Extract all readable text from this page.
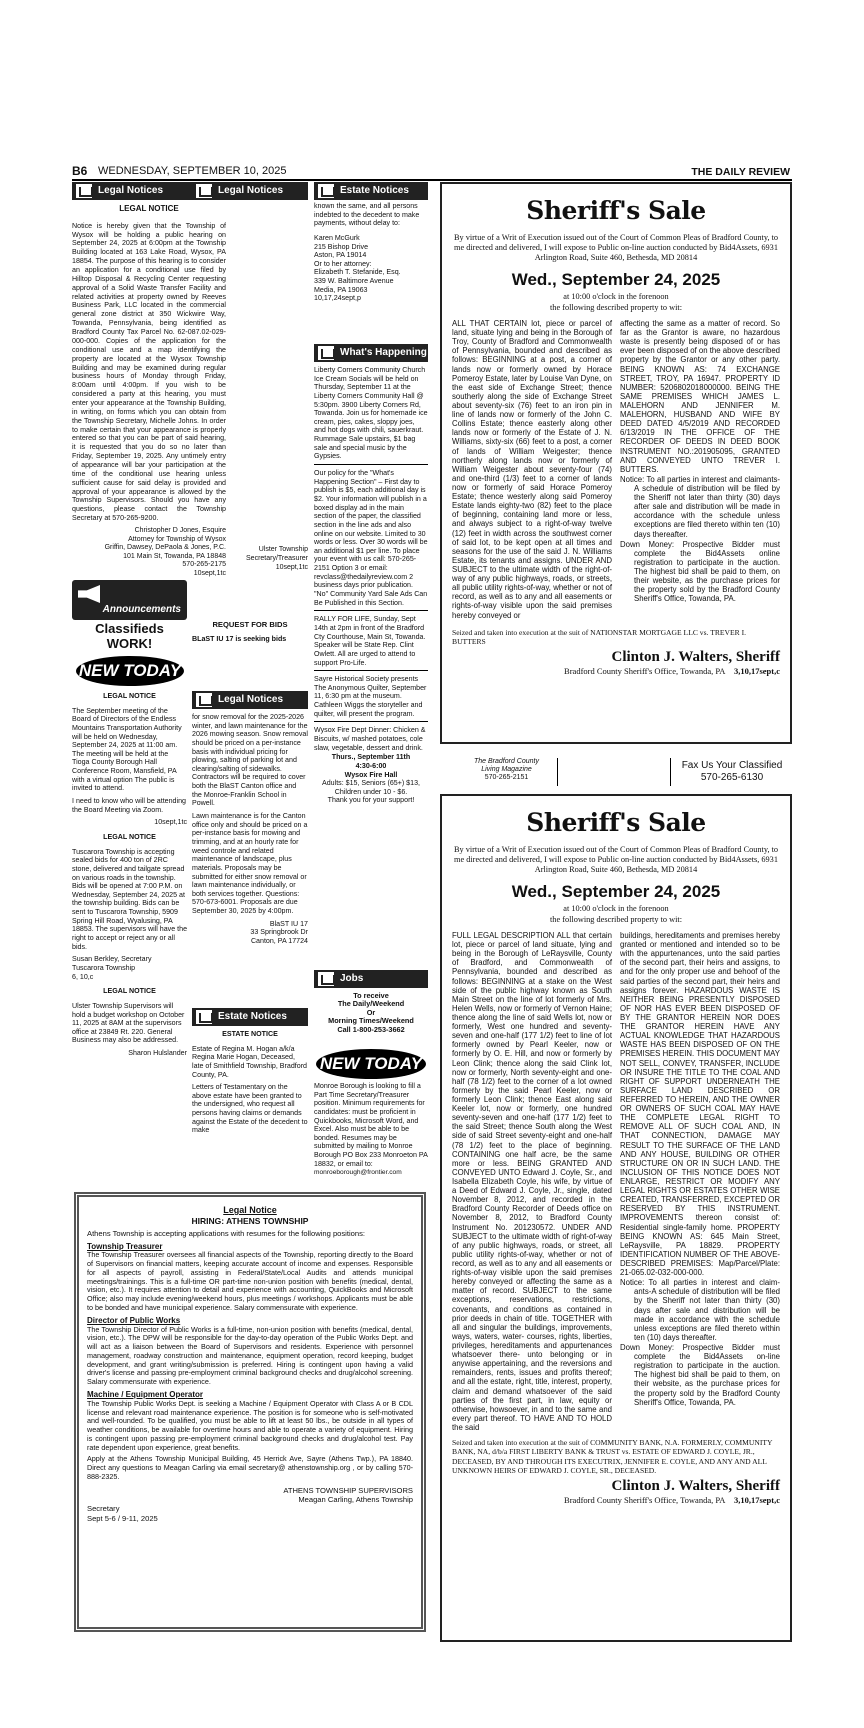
B6 WEDNESDAY, SEPTEMBER 10, 2025	THE DAILY REVIEW
Legal Notices
LEGAL NOTICE

Notice is hereby given that the Township of Wysox will be holding a public hearing on September 24, 2025 at 6:00pm at the Township Building located at 163 Lake Road, Wysox, PA 18854. The purpose of this hearing is to consider an application for a conditional use filed by Hilltop Disposal & Recycling Center requesting approval of a Solid Waste Transfer Facility and related activities at property owned by Reeves Business Park, LLC located in the commercial general zone district at 350 Wickwire Way, Towanda, Pennsylvania, being identified as Bradford County Tax Parcel No. 62-087.02-029-000-000. Copies of the application for the conditional use and a map identifying the property are located at the Wysox Township Building and may be examined during regular business hours of Monday through Friday, 8:00am until 4:00pm. If you wish to be considered a party at this hearing, you must enter your appearance at the Township Building, in writing, on forms which you can obtain from the Township Secretary, Michelle Johns. In order to make certain that your appearance is properly entered so that you can be part of said hearing, it is requested that you do so no later than Friday, September 19, 2025. Any untimely entry of appearance will bar your participation at the time of the conditional use hearing unless sufficient cause for said delay is provided and approval of your appearance is allowed by the Township Supervisors. Should you have any questions, please contact the Township Secretary at 570-265-9200.

Christopher D Jones, Esquire
Attorney for Township of Wysox
Griffin, Dawsey, DePaola & Jones, P.C.
101 Main St, Towanda, PA 18848
570-265-2175
10sept,1tc
Ulster Township
Secretary/Treasurer
10sept,1tc
Announcements
Classifieds
WORK!
NEW TODAY
LEGAL NOTICE

The September meeting of the Board of Directors of the Endless Mountains Transportation Authority will be held on Wednesday, September 24, 2025 at 11:00 am. The meeting will be held at the Tioga County Borough Hall Conference Room, Mansfield, PA with a virtual option The public is invited to attend.

I need to know who will be attending the Board Meeting via Zoom.

10sept,1tc
LEGAL NOTICE

Tuscarora Township is accepting sealed bids for 400 ton of 2RC stone, delivered and tailgate spread on various roads in the township. Bids will be opened at 7:00 P.M. on Wednesday, September 24, 2025 at the township building. Bids can be sent to Tuscarora Township, 5909 Spring Hill Road, Wyalusing, PA 18853. The supervisors will have the right to accept or reject any or all bids.

Susan Berkley, Secretary
Tuscarora Township
6, 10,c
LEGAL NOTICE

Ulster Township Supervisors will hold a budget workshop on October 11, 2025 at 8AM at the supervisors office at 23849 Rt. 220. General Business may also be addressed.

Sharon Hulslander
Legal Notices
REQUEST FOR BIDS

BLaST IU 17 is seeking bids

Legal Notices

for snow removal for the 2025-2026 winter, and lawn maintenance for the 2026 mowing season. Snow removal should be priced on a per-instance basis with individual pricing for plowing, salting of parking lot and clearing/salting of sidewalks. Contractors will be required to cover both the BlaST Canton office and the Monroe-Franklin School in Powell.

Lawn maintenance is for the Canton office only and should be priced on a per-instance basis for mowing and trimming, and at an hourly rate for weed controle and related maintenance of landscape, plus materials. Proposals may be submitted for either snow removal or lawn maintenance individually, or both services together. Questions: 570-673-6001. Proposals are due September 30, 2025 by 4:00pm.

BlaST IU 17
33 Springbrook Dr
Canton, PA 17724
Estate Notices
ESTATE NOTICE

Estate of Regina M. Hogan a/k/a Regina Marie Hogan, Deceased, late of Smithfield Township, Bradford County, PA.

Letters of Testamentary on the above estate have been granted to the undersigned, who request all persons having claims or demands against the Estate of the decedent to make

Estate Notices

known the same, and all persons indebted to the decedent to make payments, without delay to:

Karen McGurk
215 Bishop Drive
Aston, PA 19014
Or to her attorney:
Elizabeth T. Stefanide, Esq.
339 W. Baltimore Avenue
Media, PA 19063
10,17,24sept,p
What's Happening

Liberty Corners Community Church Ice Cream Socials will be held on Thursday, September 11 at the Liberty Corners Community Hall @ 5:30pm. 3900 Liberty Corners Rd, Towanda. Join us for homemade ice cream, pies, cakes, sloppy joes, and hot dogs with chili, sauerkraut. Rummage Sale upstairs, $1 bag sale and special music by the Gypsies.

Our policy for the "What's Happening Section" – First day to publish is $5, each additional day is $2. Your information will publish in a boxed display ad in the main section of the paper, the classified section in the line ads and also online on our website. Limited to 30 words or less. Over 30 words will be an additional $1 per line. To place your event with us call: 570-265-2151 Option 3 or email: revclass@thedailyreview.com 2 business days prior publication. "No" Community Yard Sale Ads Can Be Published in this Section.

RALLY FOR LIFE, Sunday, Sept 14th at 2pm in front of the Bradford Cty Courthouse, Main St, Towanda. Speaker will be State Rep. Clint Owlett. All are urged to attend to support Pro-Life.

Sayre Historical Society presents The Anonymous Quilter, September 11, 6:30 pm at the museum. Cathleen Wiggs the storyteller and quilter, will present the program.

Wysox Fire Dept Dinner: Chicken & Biscuits, w/ mashed potatoes, cole slaw, vegetable, dessert and drink.

Thurs., September 11th
4:30-6:00
Wysox Fire Hall
Adults: $15, Seniors (65+) $13, Children under 10 - $6.
Thank you for your support!
Jobs
To receive
The Daily/Weekend
Or
Morning Times/Weekend
Call 1-800-253-3662
NEW TODAY

Monroe Borough is looking to fill a Part Time Secretary/Treasurer position. Minimum requirements for candidates: must be proficient in Quickbooks, Microsoft Word, and Excel. Also must be able to be bonded. Resumes may be submitted by mailing to Monroe Borough PO Box 233 Monroeton PA 18832, or email to:

monroeborough@frontier.com
Legal Notice
HIRING: ATHENS TOWNSHIP
Athens Township is accepting applications with resumes for the following positions:
Township Treasurer
The Township Treasurer oversees all financial aspects of the Township, reporting directly to the Board of Supervisors on financial matters, keeping accurate account of income and expenses. Responsible for all aspects of payroll, assisting in Federal/State/Local Audits and attends municipal meetings/trainings. This is a full-time OR part-time non-union position with benefits (medical, dental, vision, etc.). It requires attention to detail and experience with accounting, QuickBooks and Microsoft Office; also may include evening/weekend hours, plus meetings / workshops. Applicants must be able to be bonded and have municipal experience. Salary commensurate with experience.
Director of Public Works
The Township Director of Public Works is a full-time, non-union position with benefits (medical, dental, vision, etc.). The DPW will be responsible for the day-to-day operation of the Public Works Dept. and will act as a liaison between the Board of Supervisors and residents. Experience with personnel management, roadway construction and maintenance, equipment operation, record keeping, budget development, and grant writing/submission is preferred. Hiring is contingent upon having a valid driver's license and passing pre-employment criminal background checks and drug/alcohol screening. Salary commensurate with experience.
Machine / Equipment Operator
The Township Public Works Dept. is seeking a Machine / Equipment Operator with Class A or B CDL license and relevant road maintenance experience. The position is for someone who is self-motivated and well-rounded. To be qualified, you must be able to lift at least 50 lbs., be outside in all types of weather conditions, be available for overtime hours and able to operate a variety of equipment. Hiring is contingent upon passing pre-employment criminal background checks and drug/alcohol test. Pay rate dependent upon experience, great benefits.
Apply at the Athens Township Municipal Building, 45 Herrick Ave, Sayre (Athens Twp.), PA 18840. Direct any questions to Meagan Carling via email secretary@ athenstownship.org , or by calling 570-888-2325.
ATHENS TOWNSHIP SUPERVISORS
Meagan Carling, Athens Township
Secretary
Sept 5-6 / 9-11, 2025
Sheriff's Sale
By virtue of a Writ of Execution issued out of the Court of Common Pleas of Bradford County, to me directed and delivered, I will expose to Public on-line auction conducted by Bid4Assets, 6931 Arlington Road, Suite 460, Bethesda, MD 20814
Wed., September 24, 2025
at 10:00 o'clock in the forenoon
the following described property to wit:
ALL THAT CERTAIN lot, piece or parcel of land, situate lying and being in the Borough of Troy, County of Bradford and Commonwealth of Pennsylvania, bounded and described as follows: BEGINNING at a post, a corner of lands now or formerly owned by Horace Pomeroy Estate, later by Louise Van Dyne, on the east side of Exchange Street; thence southerly along the side of Exchange Street about seventy-six (76) feet to an iron pin in line of lands now or formerly of the John C. Collins Estate; thence easterly along other lands now or formerly of the Estate of J. N. Williams, sixty-six (66) feet to a post, a corner of lands of William Weigester; thence northerly along lands now or formerly of William Weigester about seventy-four (74) and one-third (1/3) feet to a corner of lands now or formerly of said Horace Pomeroy Estate; thence westerly along said Pomeroy Estate lands eighty-two (82) feet to the place of beginning, containing land more or less, and always subject to a right-of-way twelve (12) feet in width across the southwest corner of said lot, to be kept open at all times and seasons for the use of the said J. N. Williams Estate, its tenants and assigns. UNDER AND SUBJECT to the ultimate width of the right-of-way of any public highways, roads, or streets, all public utility rights-of-way, whether or not of record, as well as to any and all easements or rights-of-way visible upon the said premises hereby conveyed or
affecting the same as a matter of record. So far as the Grantor is aware, no hazardous waste is presently being disposed of or has ever been disposed of on the above described property by the Grantor or any other party. BEING KNOWN AS: 74 EXCHANGE STREET, TROY, PA 16947. PROPERTY ID NUMBER: 5206802018000000. BEING THE SAME PREMISES WHICH JAMES L. MALEHORN AND JENNIFER M. MALEHORN, HUSBAND AND WIFE BY DEED DATED 4/5/2019 AND RECORDED 6/13/2019 IN THE OFFICE OF THE RECORDER OF DEEDS IN DEED BOOK INSTRUMENT NO.:201905095, GRANTED AND CONVEYED UNTO TREVER I. BUTTERS.
Notice: To all parties in interest and claimants-A schedule of distribution will be filed by the Sheriff not later than thirty (30) days after sale and distribution will be made in accordance with the schedule unless exceptions are filed thereto within ten (10) days thereafter.
Down Money: Prospective Bidder must complete the Bid4Assets online registration to participate in the auction. The highest bid shall be paid to them, on their website, as the purchase prices for the property sold by the Bradford County Sheriff's Office, Towanda, PA.
Seized and taken into execution at the suit of NATIONSTAR MORTGAGE LLC vs. TREVER I. BUTTERS
Clinton J. Walters, Sheriff
Bradford County Sheriff's Office, Towanda, PA 3,10,17sept,c
The Bradford County
Living Magazine
570-265-2151
Fax Us Your Classified
570-265-6130
Sheriff's Sale
By virtue of a Writ of Execution issued out of the Court of Common Pleas of Bradford County, to me directed and delivered, I will expose to Public on-line auction conducted by Bid4Assets, 6931 Arlington Road, Suite 460, Bethesda, MD 20814
Wed., September 24, 2025
at 10:00 o'clock in the forenoon
the following described property to wit:
FULL LEGAL DESCRIPTION ALL that certain lot, piece or parcel of land situate, lying and being in the Borough of LeRaysville, County of Bradford, and Commonwealth of Pennsylvania, bounded and described as follows: BEGINNING at a stake on the West side of the public highway known as South Main Street on the line of lot formerly of Mrs. Helen Wells, now or formerly of Vernon Haine; thence along the line of said Wells lot, now or formerly, West one hundred and seventy-seven and one-half (177 1/2) feet to line of lot formerly owned by Pearl Keeler, now or formerly by O. E. Hill, and now or formerly by Leon Clink; thence along the said Clink lot, now or formerly, North seventy-eight and one-half (78 1/2) feet to the corner of a lot owned formerly by the said Pearl Keeler, now or formerly Leon Clink; thence East along said Keeler lot, now or formerly, one hundred seventy-seven and one-half (177 1/2) feet to the said Street; thence South along the West side of said Street seventy-eight and one-half (78 1/2) feet to the place of beginning. CONTAINING one half acre, be the same more or less. BEING GRANTED AND CONVEYED UNTO Edward J. Coyle, Sr., and Isabella Elizabeth Coyle, his wife, by virtue of a Deed of Edward J. Coyle, Jr., single, dated November 8, 2012, and recorded in the Bradford County Recorder of Deeds office on November 8, 2012, to Bradford County Instrument No. 201230572. UNDER AND SUBJECT to the ultimate width of right-of-way of any public highways, roads, or street, all public utility rights-of-way, whether or not of record, as well as to any and all easements or rights-of-way visible upon the said premises hereby conveyed or affecting the same as a matter of record. SUBJECT to the same exceptions, reservations, restrictions, covenants, and conditions as contained in prior deeds in chain of title. TOGETHER with all and singular the buildings, improvements, ways, waters, water- courses, rights, liberties, privileges, hereditaments and appurtenances whatsoever there- unto belonging or in anywise appertaining, and the reversions and remainders, rents, issues and profits thereof; and all the estate, right, title, interest, property, claim and demand whatsoever of the said parties of the first part, in law, equity or otherwise, howsoever, in and to the same and every part thereof. TO HAVE AND TO HOLD the said
buildings, hereditaments and premises hereby granted or mentioned and intended so to be with the appurtenances, unto the said parties of the second part, their heirs and assigns, to and for the only proper use and behoof of the said parties of the second part, their heirs and assigns forever. HAZARDOUS WASTE IS NEITHER BEING PRESENTLY DISPOSED OF NOR HAS EVER BEEN DISPOSED OF BY THE GRANTOR HEREIN NOR DOES THE GRANTOR HEREIN HAVE ANY ACTUAL KNOWLEDGE THAT HAZARDOUS WASTE HAS BEEN DISPOSED OF ON THE PREMISES HEREIN. THIS DOCUMENT MAY NOT SELL, CONVEY, TRANSFER, INCLUDE OR INSURE THE TITLE TO THE COAL AND RIGHT OF SUPPORT UNDERNEATH THE SURFACE LAND DESCRIBED OR REFERRED TO HEREIN, AND THE OWNER OR OWNERS OF SUCH COAL MAY HAVE THE COMPLETE LEGAL RIGHT TO REMOVE ALL OF SUCH COAL AND, IN THAT CONNECTION, DAMAGE MAY RESULT TO THE SURFACE OF THE LAND AND ANY HOUSE, BUILDING OR OTHER STRUCTURE ON OR IN SUCH LAND. THE INCLUSION OF THIS NOTICE DOES NOT ENLARGE, RESTRICT OR MODIFY ANY LEGAL RIGHTS OR ESTATES OTHER WISE CREATED, TRANSFERRED, EXCEPTED OR RESERVED BY THIS INSTRUMENT. IMPROVEMENTS thereon consist of: Residential single-family home. PROPERTY BEING KNOWN AS: 645 Main Street, LeRaysville, PA 18829. PROPERTY IDENTIFICATION NUMBER OF THE ABOVE-DESCRIBED PREMISES: Map/Parcel/Plate: 21-065.02-032-000-000.
Notice: To all parties in interest and claim- ants-A schedule of distribution will be filed by the Sheriff not later than thirty (30) days after sale and distribution will be made in accordance with the schedule unless exceptions are filed thereto within ten (10) days thereafter.
Down Money: Prospective Bidder must complete the Bid4Assets on-line registration to participate in the auction. The highest bid shall be paid to them, on their website, as the purchase prices for the property sold by the Bradford County Sheriff's Office, Towanda, PA.
Seized and taken into execution at the suit of COMMUNITY BANK, N.A. FORMERLY, COMMUNITY BANK, NA, d/b/a FIRST LIBERTY BANK & TRUST vs. ESTATE OF EDWARD J. COYLE, JR., DECEASED, BY AND THROUGH ITS EXECUTRIX, JENNIFER E. COYLE, AND ANY AND ALL UNKNOWN HEIRS OF EDWARD J. COYLE, SR., DECEASED.
Clinton J. Walters, Sheriff
Bradford County Sheriff's Office, Towanda, PA 3,10,17sept,c
